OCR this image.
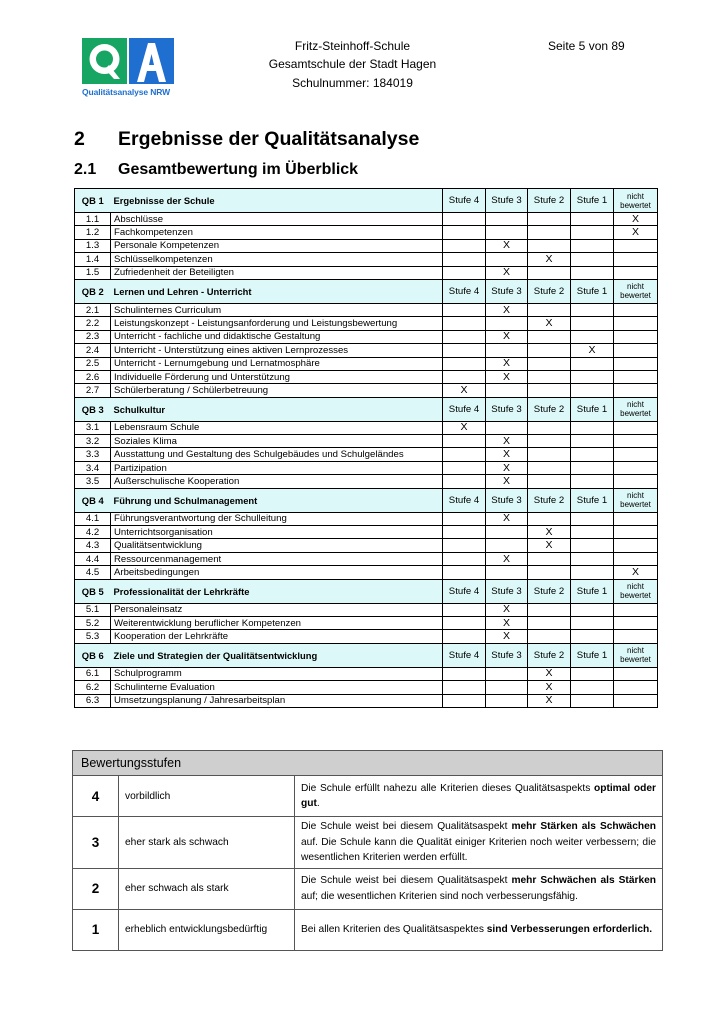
Qualitätsanalyse NRW
Fritz-Steinhoff-Schule
Gesamtschule der Stadt Hagen
Schulnummer: 184019
Seite 5 von 89
2 Ergebnisse der Qualitätsanalyse
2.1 Gesamtbewertung im Überblick
QB 1	Ergebnisse der Schule	Stufe 4	Stufe 3	Stufe 2	Stufe 1	nicht bewertet
1.1	Abschlüsse					X
1.2	Fachkompetenzen					X
1.3	Personale Kompetenzen		X			
1.4	Schlüsselkompetenzen			X		
1.5	Zufriedenheit der Beteiligten		X			
QB 2	Lernen und Lehren - Unterricht	Stufe 4	Stufe 3	Stufe 2	Stufe 1	nicht bewertet
2.1	Schulinternes Curriculum		X			
2.2	Leistungskonzept - Leistungsanforderung und Leistungsbewertung			X		
2.3	Unterricht - fachliche und didaktische Gestaltung		X			
2.4	Unterricht - Unterstützung eines aktiven Lernprozesses				X	
2.5	Unterricht - Lernumgebung und Lernatmosphäre		X			
2.6	Individuelle Förderung und Unterstützung		X			
2.7	Schülerberatung / Schülerbetreuung	X				
QB 3	Schulkultur	Stufe 4	Stufe 3	Stufe 2	Stufe 1	nicht bewertet
3.1	Lebensraum Schule	X				
3.2	Soziales Klima		X			
3.3	Ausstattung und Gestaltung des Schulgebäudes und Schulgeländes		X			
3.4	Partizipation		X			
3.5	Außerschulische Kooperation		X			
QB 4	Führung und Schulmanagement	Stufe 4	Stufe 3	Stufe 2	Stufe 1	nicht bewertet
4.1	Führungsverantwortung der Schulleitung		X			
4.2	Unterrichtsorganisation			X		
4.3	Qualitätsentwicklung			X		
4.4	Ressourcenmanagement		X			
4.5	Arbeitsbedingungen					X
QB 5	Professionalität der Lehrkräfte	Stufe 4	Stufe 3	Stufe 2	Stufe 1	nicht bewertet
5.1	Personaleinsatz		X			
5.2	Weiterentwicklung beruflicher Kompetenzen		X			
5.3	Kooperation der Lehrkräfte		X			
QB 6	Ziele und Strategien der Qualitätsentwicklung	Stufe 4	Stufe 3	Stufe 2	Stufe 1	nicht bewertet
6.1	Schulprogramm			X		
6.2	Schulinterne Evaluation			X		
6.3	Umsetzungsplanung / Jahresarbeitsplan			X		
Bewertungsstufen		
4	vorbildlich	Die Schule erfüllt nahezu alle Kriterien dieses Qualitätsaspekts optimal oder gut.
3	eher stark als schwach	Die Schule weist bei diesem Qualitätsaspekt mehr Stärken als Schwächen auf. Die Schule kann die Qualität einiger Kriterien noch weiter verbessern; die wesentlichen Kriterien werden erfüllt.
2	eher schwach als stark	Die Schule weist bei diesem Qualitätsaspekt mehr Schwächen als Stärken auf; die wesentlichen Kriterien sind noch verbesserungsfähig.
1	erheblich entwicklungsbedürftig	Bei allen Kriterien des Qualitätsaspektes sind Verbesserungen erforderlich.
